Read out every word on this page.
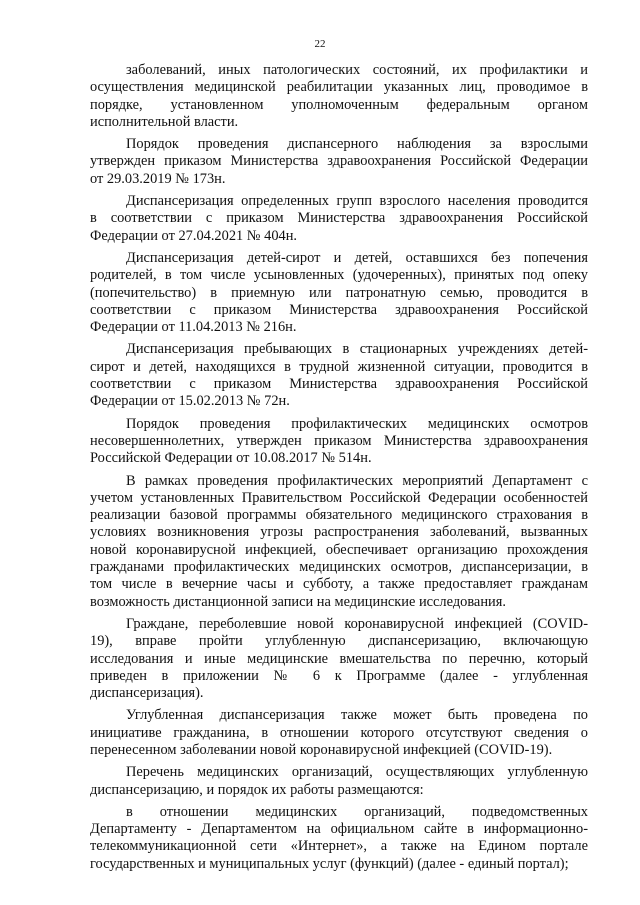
22
заболеваний, иных патологических состояний, их профилактики и
осуществления медицинской реабилитации указанных лиц, проводимое в
порядке, установленном уполномоченным федеральным органом
исполнительной власти.
Порядок проведения диспансерного наблюдения за взрослыми
утвержден приказом Министерства здравоохранения Российской Федерации
от 29.03.2019 № 173н.
Диспансеризация определенных групп взрослого населения проводится
в соответствии с приказом Министерства здравоохранения Российской
Федерации от 27.04.2021 № 404н.
Диспансеризация детей-сирот и детей, оставшихся без попечения
родителей, в том числе усыновленных (удочеренных), принятых под опеку
(попечительство) в приемную или патронатную семью, проводится в
соответствии с приказом Министерства здравоохранения Российской
Федерации от 11.04.2013 № 216н.
Диспансеризация пребывающих в стационарных учреждениях детей-
сирот и детей, находящихся в трудной жизненной ситуации, проводится в
соответствии с приказом Министерства здравоохранения Российской
Федерации от 15.02.2013 № 72н.
Порядок проведения профилактических медицинских осмотров
несовершеннолетних, утвержден приказом Министерства здравоохранения
Российской Федерации от 10.08.2017 № 514н.
В рамках проведения профилактических мероприятий Департамент с
учетом установленных Правительством Российской Федерации особенностей
реализации базовой программы обязательного медицинского страхования в
условиях возникновения угрозы распространения заболеваний, вызванных
новой коронавирусной инфекцией, обеспечивает организацию прохождения
гражданами профилактических медицинских осмотров, диспансеризации, в
том числе в вечерние часы и субботу, а также предоставляет гражданам
возможность дистанционной записи на медицинские исследования.
Граждане, переболевшие новой коронавирусной инфекцией (COVID-
19), вправе пройти углубленную диспансеризацию, включающую
исследования и иные медицинские вмешательства по перечню, который
приведен в приложении № 6 к Программе (далее - углубленная
диспансеризация).
Углубленная диспансеризация также может быть проведена по
инициативе гражданина, в отношении которого отсутствуют сведения о
перенесенном заболевании новой коронавирусной инфекцией (COVID-19).
Перечень медицинских организаций, осуществляющих углубленную
диспансеризацию, и порядок их работы размещаются:
в отношении медицинских организаций, подведомственных
Департаменту - Департаментом на официальном сайте в информационно-
телекоммуникационной сети «Интернет», а также на Едином портале
государственных и муниципальных услуг (функций) (далее - единый портал);
